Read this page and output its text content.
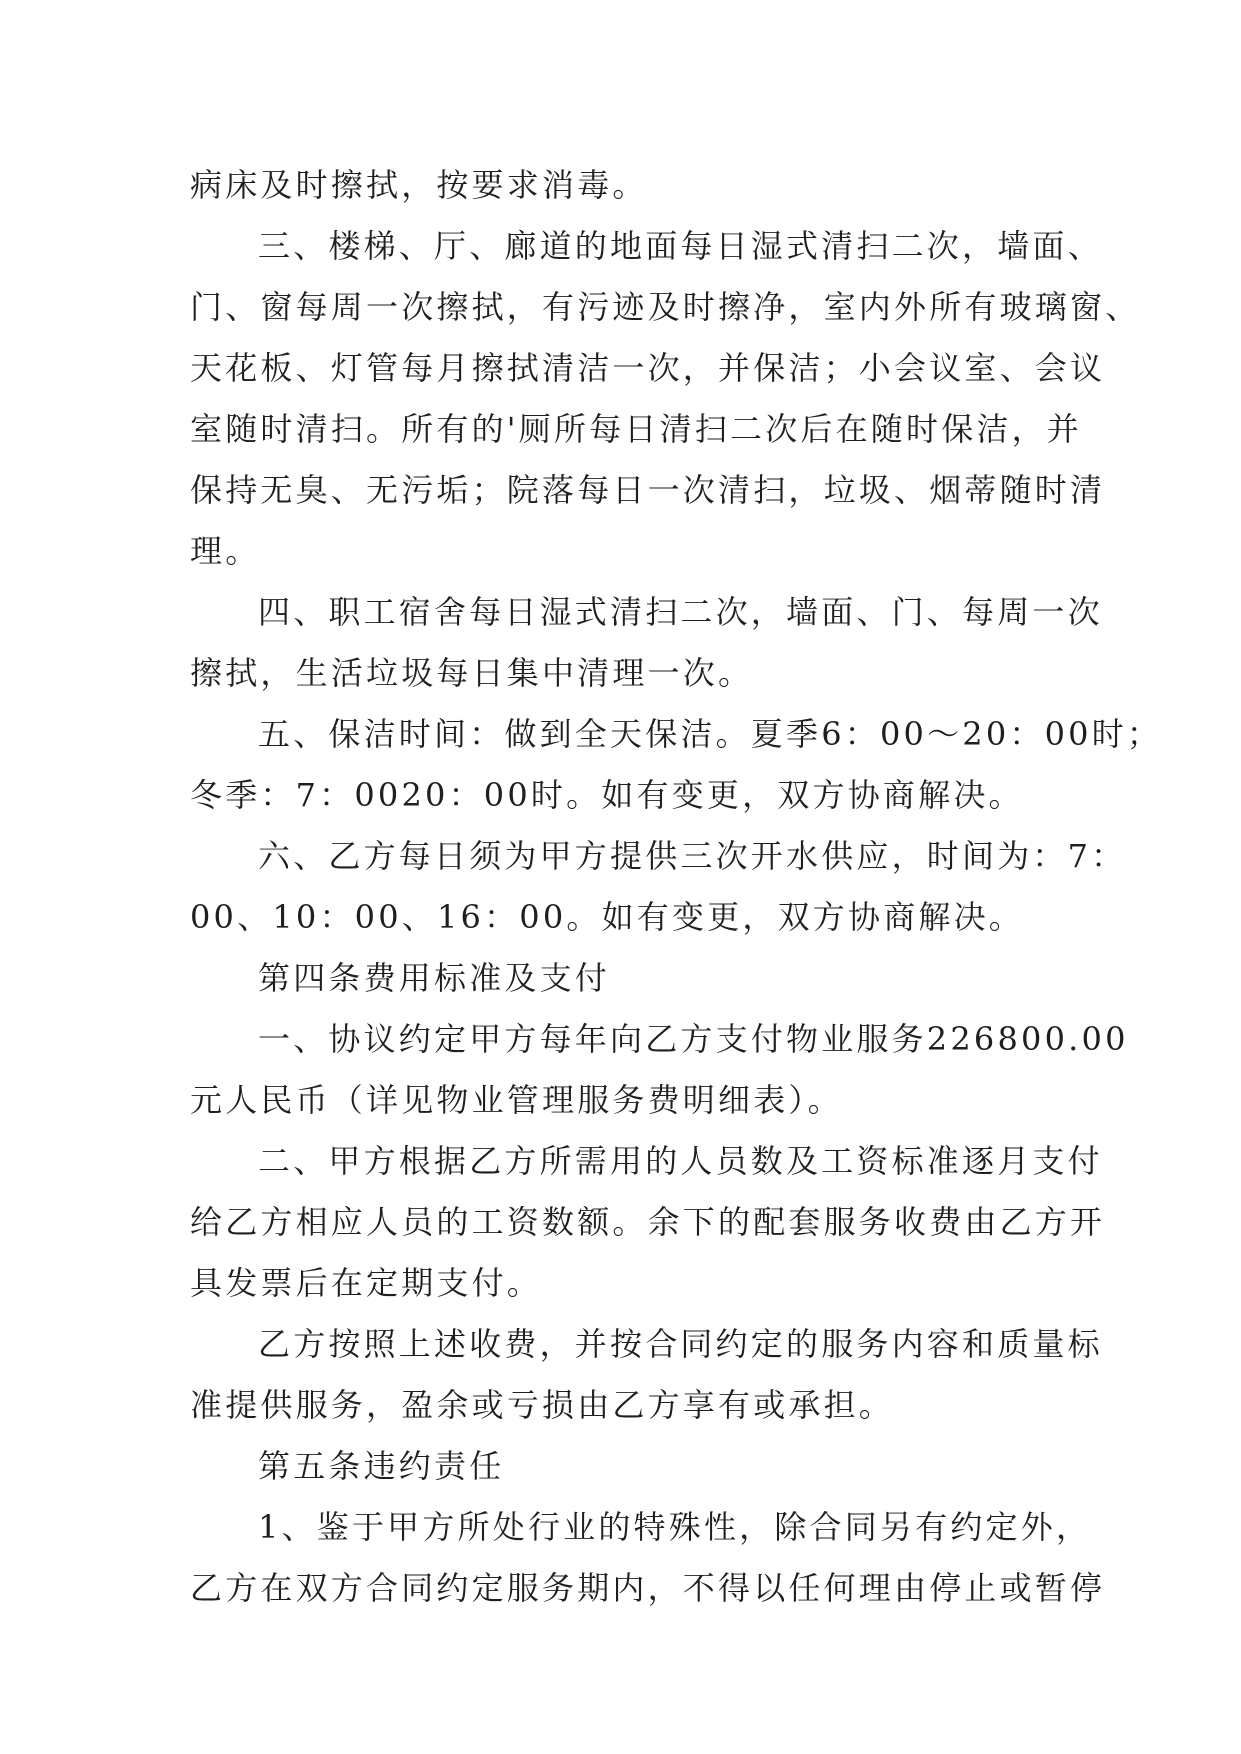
病床及时擦拭，按要求消毒。
三、楼梯、厅、廊道的地面每日湿式清扫二次，墙面、
门、窗每周一次擦拭，有污迹及时擦净，室内外所有玻璃窗、
天花板、灯管每月擦拭清洁一次，并保洁；小会议室、会议
室随时清扫。所有的'厕所每日清扫二次后在随时保洁，并
保持无臭、无污垢；院落每日一次清扫，垃圾、烟蒂随时清
理。
四、职工宿舍每日湿式清扫二次，墙面、门、每周一次
擦拭，生活垃圾每日集中清理一次。
五、保洁时间：做到全天保洁。夏季6：00～20：00时；
冬季：7：0020：00时。如有变更，双方协商解决。
六、乙方每日须为甲方提供三次开水供应，时间为：7：
00、10：00、16：00。如有变更，双方协商解决。
第四条费用标准及支付
一、协议约定甲方每年向乙方支付物业服务226800.00
元人民币（详见物业管理服务费明细表）。
二、甲方根据乙方所需用的人员数及工资标准逐月支付
给乙方相应人员的工资数额。余下的配套服务收费由乙方开
具发票后在定期支付。
乙方按照上述收费，并按合同约定的服务内容和质量标
准提供服务，盈余或亏损由乙方享有或承担。
第五条违约责任
1、鉴于甲方所处行业的特殊性，除合同另有约定外，
乙方在双方合同约定服务期内，不得以任何理由停止或暂停
